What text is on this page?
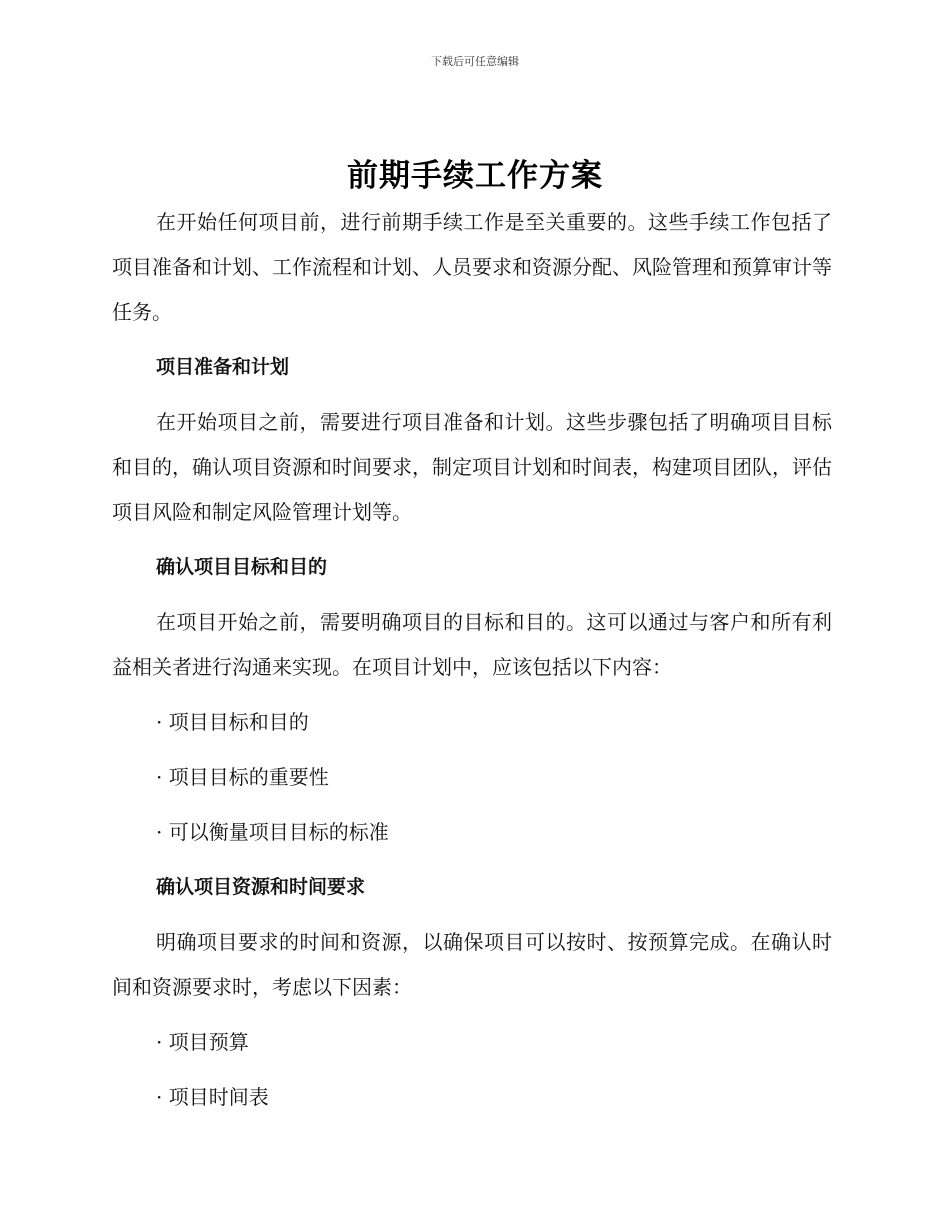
下载后可任意编辑
前期手续工作方案

在开始任何项目前，进行前期手续工作是至关重要的。这些手续工作包括了项目准备和计划、工作流程和计划、人员要求和资源分配、风险管理和预算审计等任务。

项目准备和计划

在开始项目之前，需要进行项目准备和计划。这些步骤包括了明确项目目标和目的，确认项目资源和时间要求，制定项目计划和时间表，构建项目团队，评估项目风险和制定风险管理计划等。

确认项目目标和目的

在项目开始之前，需要明确项目的目标和目的。这可以通过与客户和所有利益相关者进行沟通来实现。在项目计划中，应该包括以下内容：

· 项目目标和目的
· 项目目标的重要性
· 可以衡量项目目标的标准
确认项目资源和时间要求

明确项目要求的时间和资源，以确保项目可以按时、按预算完成。在确认时间和资源要求时，考虑以下因素：

· 项目预算
· 项目时间表
